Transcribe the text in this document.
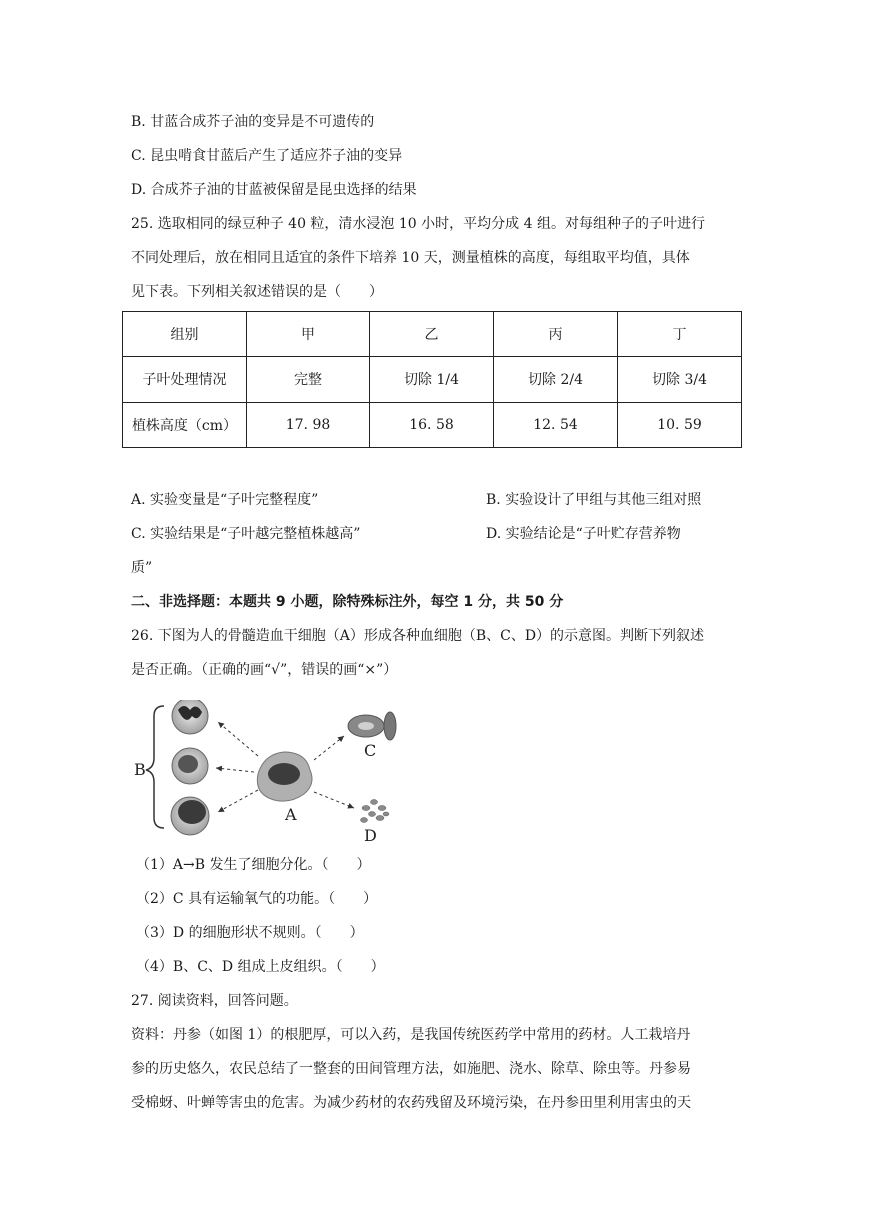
B. 甘蓝合成芥子油的变异是不可遗传的
C. 昆虫啃食甘蓝后产生了适应芥子油的变异
D. 合成芥子油的甘蓝被保留是昆虫选择的结果
25. 选取相同的绿豆种子 40 粒，清水浸泡 10 小时，平均分成 4 组。对每组种子的子叶进行
不同处理后，放在相同且适宜的条件下培养 10 天，测量植株的高度，每组取平均值，具体
见下表。下列相关叙述错误的是（　　）
组别	甲	乙	丙	丁
子叶处理情况	完整	切除 1/4	切除 2/4	切除 3/4
植株高度（cm）	17. 98	16. 58	12. 54	10. 59
A. 实验变量是“子叶完整程度”	B. 实验设计了甲组与其他三组对照
C. 实验结果是“子叶越完整植株越高”	D. 实验结论是“子叶贮存营养物
质”
二、非选择题：本题共 9 小题，除特殊标注外，每空 1 分，共 50 分
26. 下图为人的骨髓造血干细胞（A）形成各种血细胞（B、C、D）的示意图。判断下列叙述
是否正确。（正确的画“√”，错误的画“×”）
B
A
C
D
（1）A→B 发生了细胞分化。（　　）
（2）C 具有运输氧气的功能。（　　）
（3）D 的细胞形状不规则。（　　）
（4）B、C、D 组成上皮组织。（　　）
27. 阅读资料，回答问题。
资料：丹参（如图 1）的根肥厚，可以入药，是我国传统医药学中常用的药材。人工栽培丹
参的历史悠久，农民总结了一整套的田间管理方法，如施肥、浇水、除草、除虫等。丹参易
受棉蚜、叶蝉等害虫的危害。为减少药材的农药残留及环境污染，在丹参田里利用害虫的天
